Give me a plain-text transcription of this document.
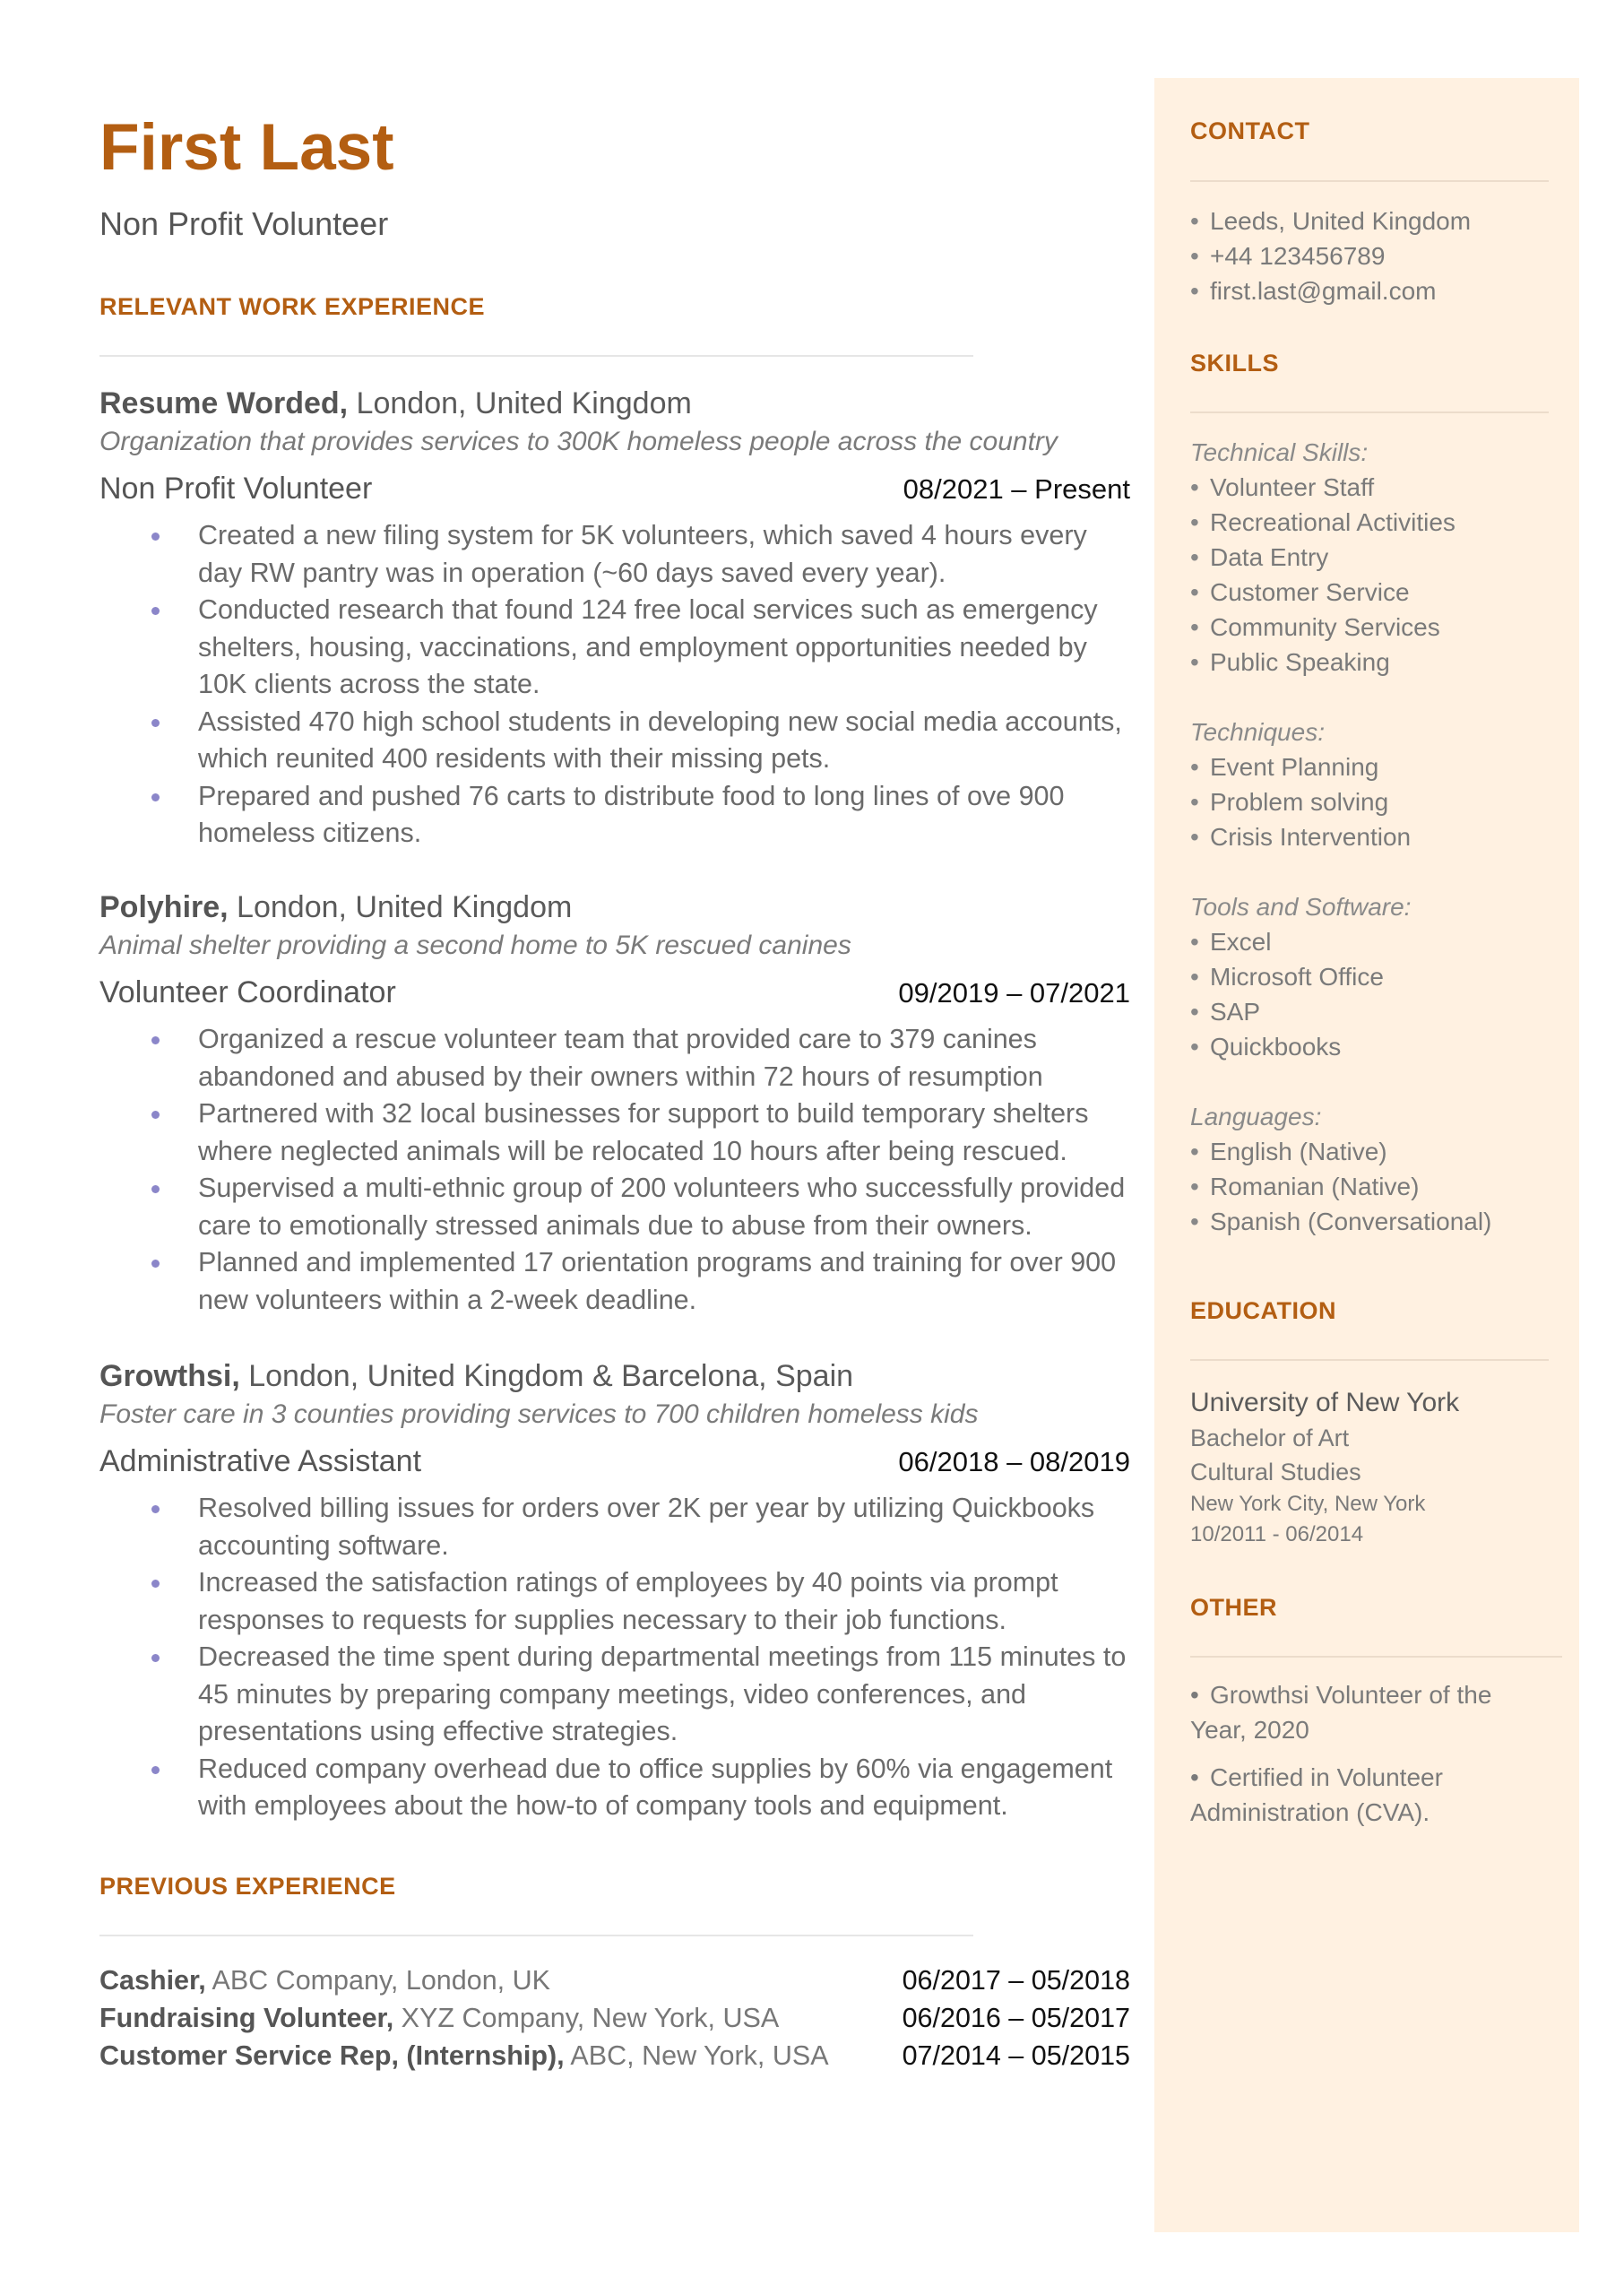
First Last
Non Profit Volunteer
RELEVANT WORK EXPERIENCE
Resume Worded, London, United Kingdom
Organization that provides services to 300K homeless people across the country
Non Profit Volunteer	08/2021 – Present
Created a new filing system for 5K volunteers, which saved 4 hours every day RW pantry was in operation (~60 days saved every year).
Conducted research that found 124 free local services such as emergency shelters, housing, vaccinations, and employment opportunities needed by 10K clients across the state.
Assisted 470 high school students in developing new social media accounts, which reunited 400 residents with their missing pets.
Prepared and pushed 76 carts to distribute food to long lines of ove 900 homeless citizens.
Polyhire, London, United Kingdom
Animal shelter providing a second home to 5K rescued canines
Volunteer Coordinator	09/2019 – 07/2021
Organized a rescue volunteer team that provided care to 379 canines abandoned and abused by their owners within 72 hours of resumption
Partnered with 32 local businesses for support to build temporary shelters where neglected animals will be relocated 10 hours after being rescued.
Supervised a multi-ethnic group of 200 volunteers who successfully provided care to emotionally stressed animals due to abuse from their owners.
Planned and implemented 17 orientation programs and training for over 900 new volunteers within a 2-week deadline.
Growthsi, London, United Kingdom & Barcelona, Spain
Foster care in 3 counties providing services to 700 children homeless kids
Administrative Assistant	06/2018 – 08/2019
Resolved billing issues for orders over 2K per year by utilizing Quickbooks accounting software.
Increased the satisfaction ratings of employees by 40 points via prompt responses to requests for supplies necessary to their job functions.
Decreased the time spent during departmental meetings from 115 minutes to 45 minutes by preparing company meetings, video conferences, and presentations using effective strategies.
Reduced company overhead due to office supplies by 60% via engagement with employees about the how-to of company tools and equipment.
PREVIOUS EXPERIENCE
Cashier, ABC Company, London, UK	06/2017 – 05/2018
Fundraising Volunteer, XYZ Company, New York, USA	06/2016 – 05/2017
Customer Service Rep, (Internship), ABC, New York, USA	07/2014 – 05/2015
CONTACT
• Leeds, United Kingdom
• +44 123456789
• first.last@gmail.com
SKILLS
Technical Skills:
• Volunteer Staff
• Recreational Activities
• Data Entry
• Customer Service
• Community Services
• Public Speaking
Techniques:
• Event Planning
• Problem solving
• Crisis Intervention
Tools and Software:
• Excel
• Microsoft Office
• SAP
• Quickbooks
Languages:
• English (Native)
• Romanian (Native)
• Spanish (Conversational)
EDUCATION
University of New York
Bachelor of Art
Cultural Studies
New York City, New York
10/2011 - 06/2014
OTHER

• Growthsi Volunteer of the Year, 2020

• Certified in Volunteer Administration (CVA).
